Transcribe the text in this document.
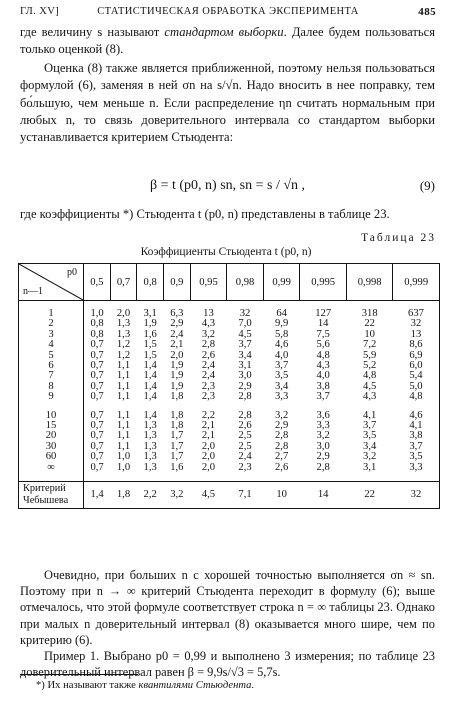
ГЛ. XV]	СТАТИСТИЧЕСКАЯ ОБРАБОТКА ЭКСПЕРИМЕНТА	485
где величину s называют стандартом выборки. Далее будем пользоваться только оценкой (8).
Оценка (8) также является приближенной, поэтому нельзя пользоваться формулой (6), заменяя в ней σn на s/√n. Надо вносить в нее поправку, тем бо́льшую, чем меньше n. Если распределение ηn считать нормальным при любых n, то связь доверительного интервала со стандартом выборки устанавливается критерием Стьюдента:
β = t (p0, n) sn, sn = s / √n ,	(9)
где коэффициенты *) Стьюдента t (p0, n) представлены в таблице 23.
Таблица 23
Коэффициенты Стьюдента t (p0, n)
p0
n—1	0,5	0,7	0,8	0,9	0,95	0,98	0,99	0,995	0,998	0,999

1	1,0	2,0	3,1	6,3	13	32	64	127	318	637
2	0,8	1,3	1,9	2,9	4,3	7,0	9,9	14	22	32
3	0,8	1,3	1,6	2,4	3,2	4,5	5,8	7,5	10	13
4	0,7	1,2	1,5	2,1	2,8	3,7	4,6	5,6	7,2	8,6
5	0,7	1,2	1,5	2,0	2,6	3,4	4,0	4,8	5,9	6,9
6	0,7	1,1	1,4	1,9	2,4	3,1	3,7	4,3	5,2	6,0
7	0,7	1,1	1,4	1,9	2,4	3,0	3,5	4,0	4,8	5,4
8	0,7	1,1	1,4	1,9	2,3	2,9	3,4	3,8	4,5	5,0
9	0,7	1,1	1,4	1,8	2,3	2,8	3,3	3,7	4,3	4,8

10	0,7	1,1	1,4	1,8	2,2	2,8	3,2	3,6	4,1	4,6
15	0,7	1,1	1,3	1,8	2,1	2,6	2,9	3,3	3,7	4,1
20	0,7	1,1	1,3	1,7	2,1	2,5	2,8	3,2	3,5	3,8
30	0,7	1,1	1,3	1,7	2,0	2,5	2,8	3,0	3,4	3,7
60	0,7	1,0	1,3	1,7	2,0	2,4	2,7	2,9	3,2	3,5
∞	0,7	1,0	1,3	1,6	2,0	2,3	2,6	2,8	3,1	3,3

Критерий
Чебышева	1,4	1,8	2,2	3,2	4,5	7,1	10	14	22	32
Очевидно, при больших n с хорошей точностью выполняется σn ≈ sn. Поэтому при n → ∞ критерий Стьюдента переходит в формулу (6); выше отмечалось, что этой формуле соответствует строка n = ∞ таблицы 23. Однако при малых n доверительный интервал (8) оказывается много шире, чем по критерию (6).
Пример 1. Выбрано p0 = 0,99 и выполнено 3 измерения; по таблице 23 доверительный интервал равен β = 9,9s/√3 = 5,7s.
*) Их называют также квантилями Стьюдента.
